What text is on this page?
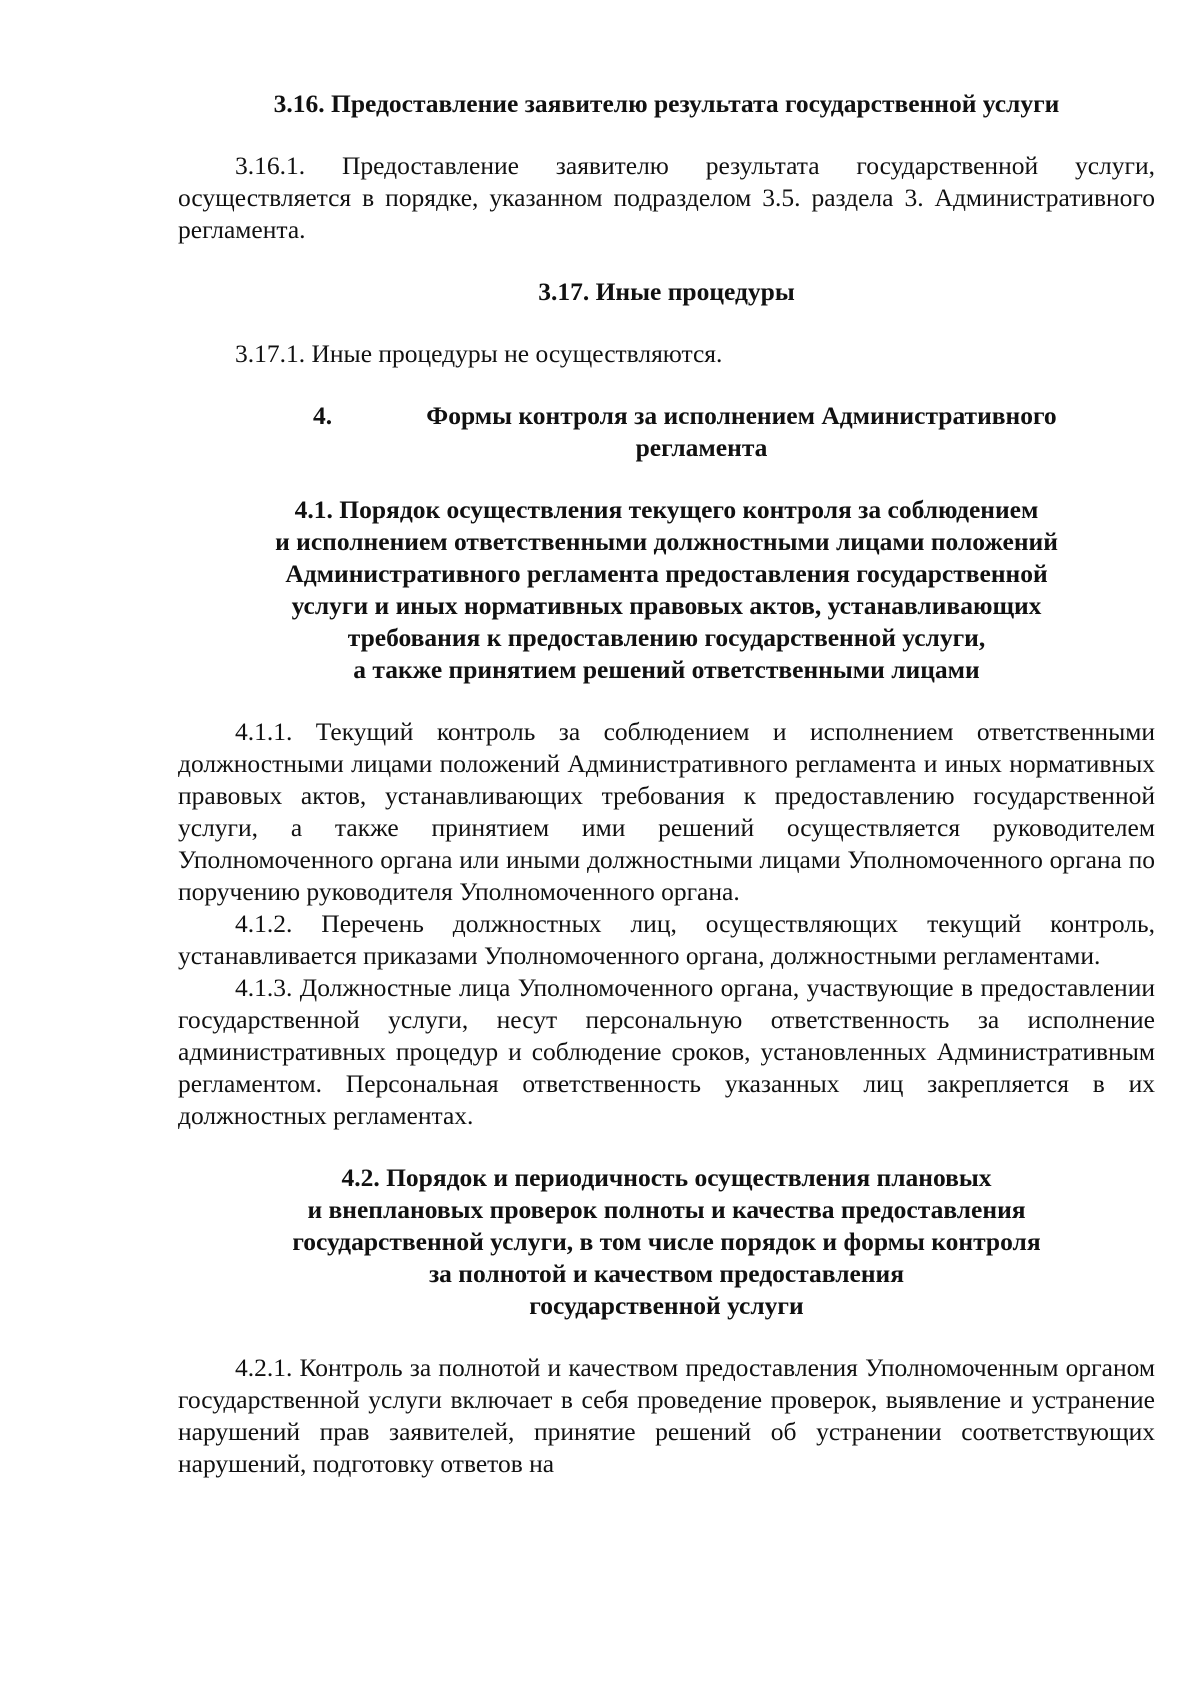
3.16. Предоставление заявителю результата государственной услуги

3.16.1. Предоставление заявителю результата государственной услуги, осуществляется в порядке, указанном подразделом 3.5. раздела 3. Административного регламента.

3.17. Иные процедуры

3.17.1. Иные процедуры не осуществляются.

4.	Формы контроля за исполнением Административного
регламента

4.1. Порядок осуществления текущего контроля за соблюдением

и исполнением ответственными должностными лицами положений

Административного регламента предоставления государственной

услуги и иных нормативных правовых актов, устанавливающих

требования к предоставлению государственной услуги,

а также принятием решений ответственными лицами

4.1.1. Текущий контроль за соблюдением и исполнением ответственными должностными лицами положений Административного регламента и иных нормативных правовых актов, устанавливающих требования к предоставлению государственной услуги, а также принятием ими решений осуществляется руководителем Уполномоченного органа или иными должностными лицами Уполномоченного органа по поручению руководителя Уполномоченного органа.

4.1.2. Перечень должностных лиц, осуществляющих текущий контроль, устанавливается приказами Уполномоченного органа, должностными регламентами.

4.1.3. Должностные лица Уполномоченного органа, участвующие в предоставлении государственной услуги, несут персональную ответственность за исполнение административных процедур и соблюдение сроков, установленных Административным регламентом. Персональная ответственность указанных лиц закрепляется в их должностных регламентах.

4.2. Порядок и периодичность осуществления плановых

и внеплановых проверок полноты и качества предоставления

государственной услуги, в том числе порядок и формы контроля

за полнотой и качеством предоставления

государственной услуги

4.2.1. Контроль за полнотой и качеством предоставления Уполномоченным органом государственной услуги включает в себя проведение проверок, выявление и устранение нарушений прав заявителей, принятие решений об устранении соответствующих нарушений, подготовку ответов на
